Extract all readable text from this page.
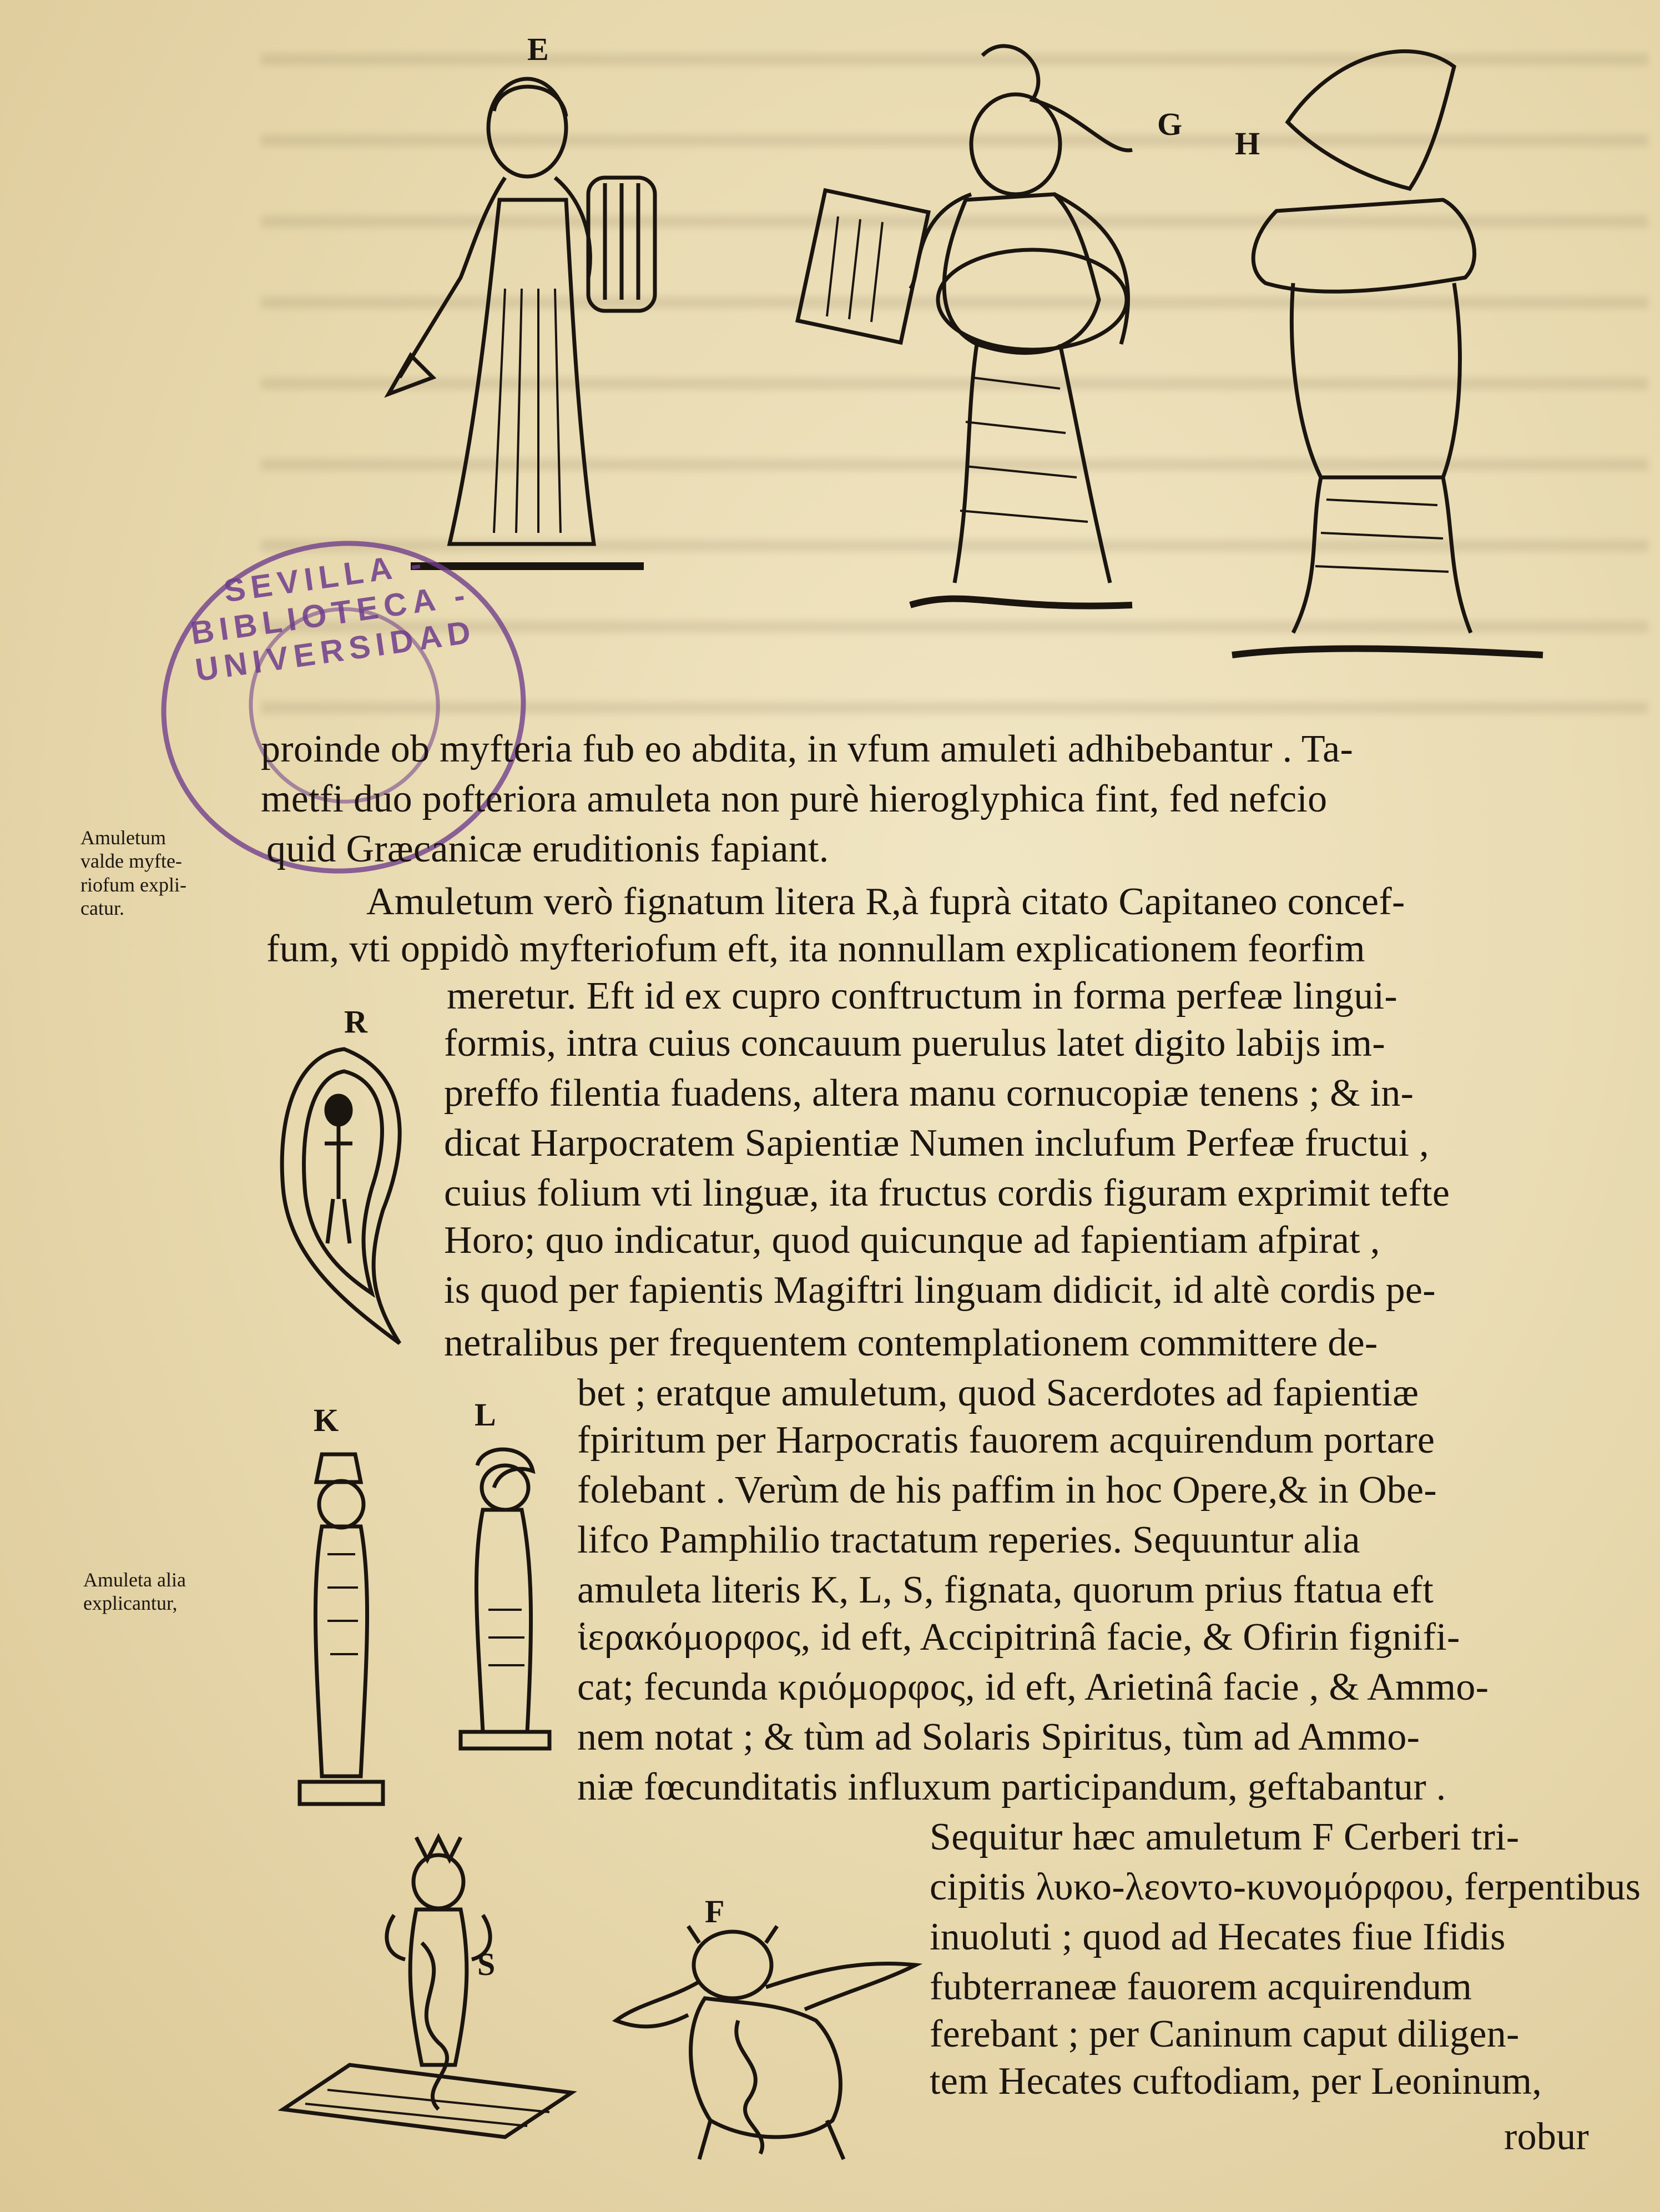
E
G
H
R
K	L
S
F
SEVILLA - BIBLIOTECA - UNIVERSIDAD
Amuletum
valde myfte-
riofum expli-
catur.
Amuleta alia
explicantur,
proinde ob myfteria fub eo abdita, in vfum amuleti adhibebantur . Ta-
metfi duo pofteriora amuleta non purè hieroglyphica fint, fed nefcio
quid Græcanicæ eruditionis fapiant.
Amuletum verò fignatum litera R,à fuprà citato Capitaneo concef-
fum, vti oppidò myfteriofum eft, ita nonnullam explicationem feorfim
meretur. Eft id ex cupro conftructum in forma perfeæ lingui-
formis, intra cuius concauum puerulus latet digito labijs im-
preffo filentia fuadens, altera manu cornucopiæ tenens ; & in-
dicat Harpocratem Sapientiæ Numen inclufum Perfeæ fructui ,
cuius folium vti linguæ, ita fructus cordis figuram exprimit tefte
Horo; quo indicatur, quod quicunque ad fapientiam afpirat ,
is quod per fapientis Magiftri linguam didicit, id altè cordis pe-
netralibus per frequentem contemplationem committere de-
bet ; eratque amuletum, quod Sacerdotes ad fapientiæ
fpiritum per Harpocratis fauorem acquirendum portare
folebant . Verùm de his paffim in hoc Opere,& in Obe-
lifco Pamphilio tractatum reperies. Sequuntur alia
amuleta literis K, L, S, fignata, quorum prius ftatua eft
ἱερακόμορφος, id eft, Accipitrinâ facie, & Ofirin fignifi-
cat; fecunda κριόμορφος, id eft, Arietinâ facie , & Ammo-
nem notat ; & tùm ad Solaris Spiritus, tùm ad Ammo-
niæ fœcunditatis influxum participandum, geftabantur .
Sequitur hæc amuletum F Cerberi tri-
cipitis λυκο-λεοντο-κυνομόρφου, ferpentibus
inuoluti ; quod ad Hecates fiue Ifidis
fubterraneæ fauorem acquirendum
ferebant ; per Caninum caput diligen-
tem Hecates cuftodiam, per Leoninum,
robur
